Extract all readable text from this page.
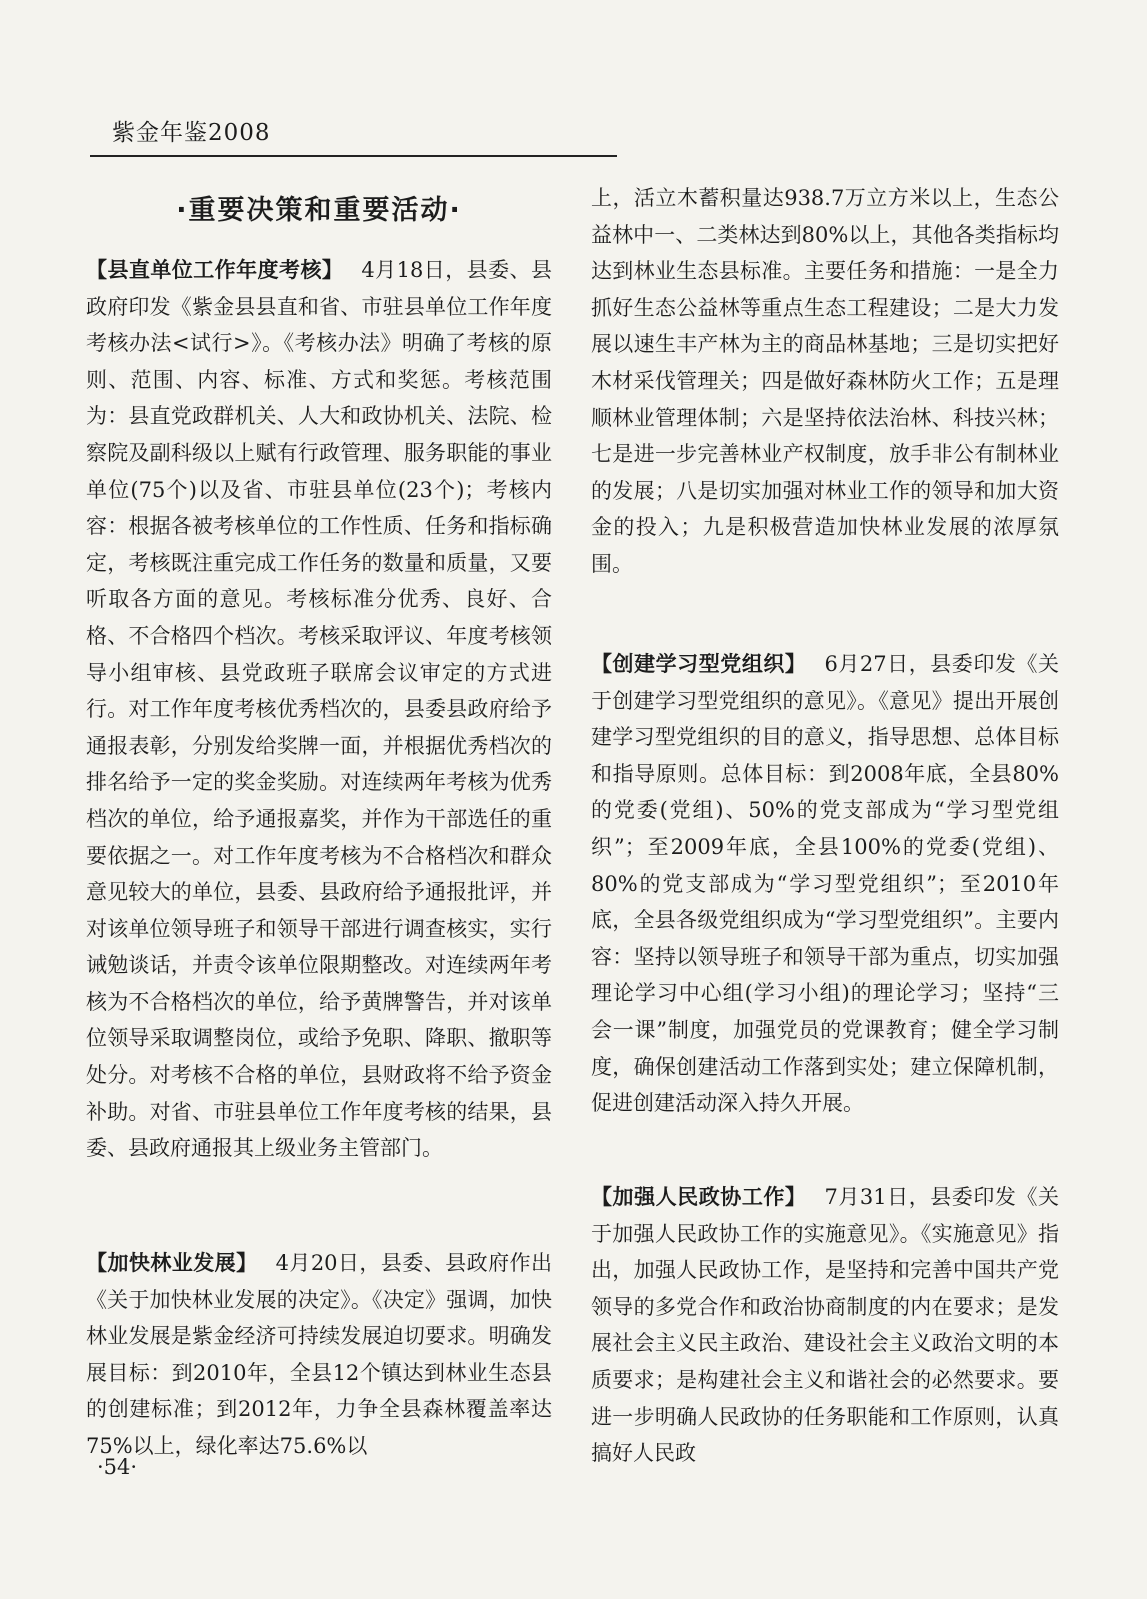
紫金年鉴2008
·重要决策和重要活动·

【县直单位工作年度考核】 4月18日，县委、县政府印发《紫金县县直和省、市驻县单位工作年度考核办法<试行>》。《考核办法》明确了考核的原则、范围、内容、标准、方式和奖惩。考核范围为：县直党政群机关、人大和政协机关、法院、检察院及副科级以上赋有行政管理、服务职能的事业单位(75个)以及省、市驻县单位(23个)；考核内容：根据各被考核单位的工作性质、任务和指标确定，考核既注重完成工作任务的数量和质量，又要听取各方面的意见。考核标准分优秀、良好、合格、不合格四个档次。考核采取评议、年度考核领导小组审核、县党政班子联席会议审定的方式进行。对工作年度考核优秀档次的，县委县政府给予通报表彰，分别发给奖牌一面，并根据优秀档次的排名给予一定的奖金奖励。对连续两年考核为优秀档次的单位，给予通报嘉奖，并作为干部选任的重要依据之一。对工作年度考核为不合格档次和群众意见较大的单位，县委、县政府给予通报批评，并对该单位领导班子和领导干部进行调查核实，实行诫勉谈话，并责令该单位限期整改。对连续两年考核为不合格档次的单位，给予黄牌警告，并对该单位领导采取调整岗位，或给予免职、降职、撤职等处分。对考核不合格的单位，县财政将不给予资金补助。对省、市驻县单位工作年度考核的结果，县委、县政府通报其上级业务主管部门。

【加快林业发展】 4月20日，县委、县政府作出《关于加快林业发展的决定》。《决定》强调，加快林业发展是紫金经济可持续发展迫切要求。明确发展目标：到2010年，全县12个镇达到林业生态县的创建标准；到2012年，力争全县森林覆盖率达75%以上，绿化率达75.6%以

上，活立木蓄积量达938.7万立方米以上，生态公益林中一、二类林达到80%以上，其他各类指标均达到林业生态县标准。主要任务和措施：一是全力抓好生态公益林等重点生态工程建设；二是大力发展以速生丰产林为主的商品林基地；三是切实把好木材采伐管理关；四是做好森林防火工作；五是理顺林业管理体制；六是坚持依法治林、科技兴林；七是进一步完善林业产权制度，放手非公有制林业的发展；八是切实加强对林业工作的领导和加大资金的投入；九是积极营造加快林业发展的浓厚氛围。

【创建学习型党组织】 6月27日，县委印发《关于创建学习型党组织的意见》。《意见》提出开展创建学习型党组织的目的意义，指导思想、总体目标和指导原则。总体目标：到2008年底，全县80%的党委(党组)、50%的党支部成为“学习型党组织”；至2009年底，全县100%的党委(党组)、80%的党支部成为“学习型党组织”；至2010年底，全县各级党组织成为“学习型党组织”。主要内容：坚持以领导班子和领导干部为重点，切实加强理论学习中心组(学习小组)的理论学习；坚持“三会一课”制度，加强党员的党课教育；健全学习制度，确保创建活动工作落到实处；建立保障机制，促进创建活动深入持久开展。

【加强人民政协工作】 7月31日，县委印发《关于加强人民政协工作的实施意见》。《实施意见》指出，加强人民政协工作，是坚持和完善中国共产党领导的多党合作和政治协商制度的内在要求；是发展社会主义民主政治、建设社会主义政治文明的本质要求；是构建社会主义和谐社会的必然要求。要进一步明确人民政协的任务职能和工作原则，认真搞好人民政

·54·
